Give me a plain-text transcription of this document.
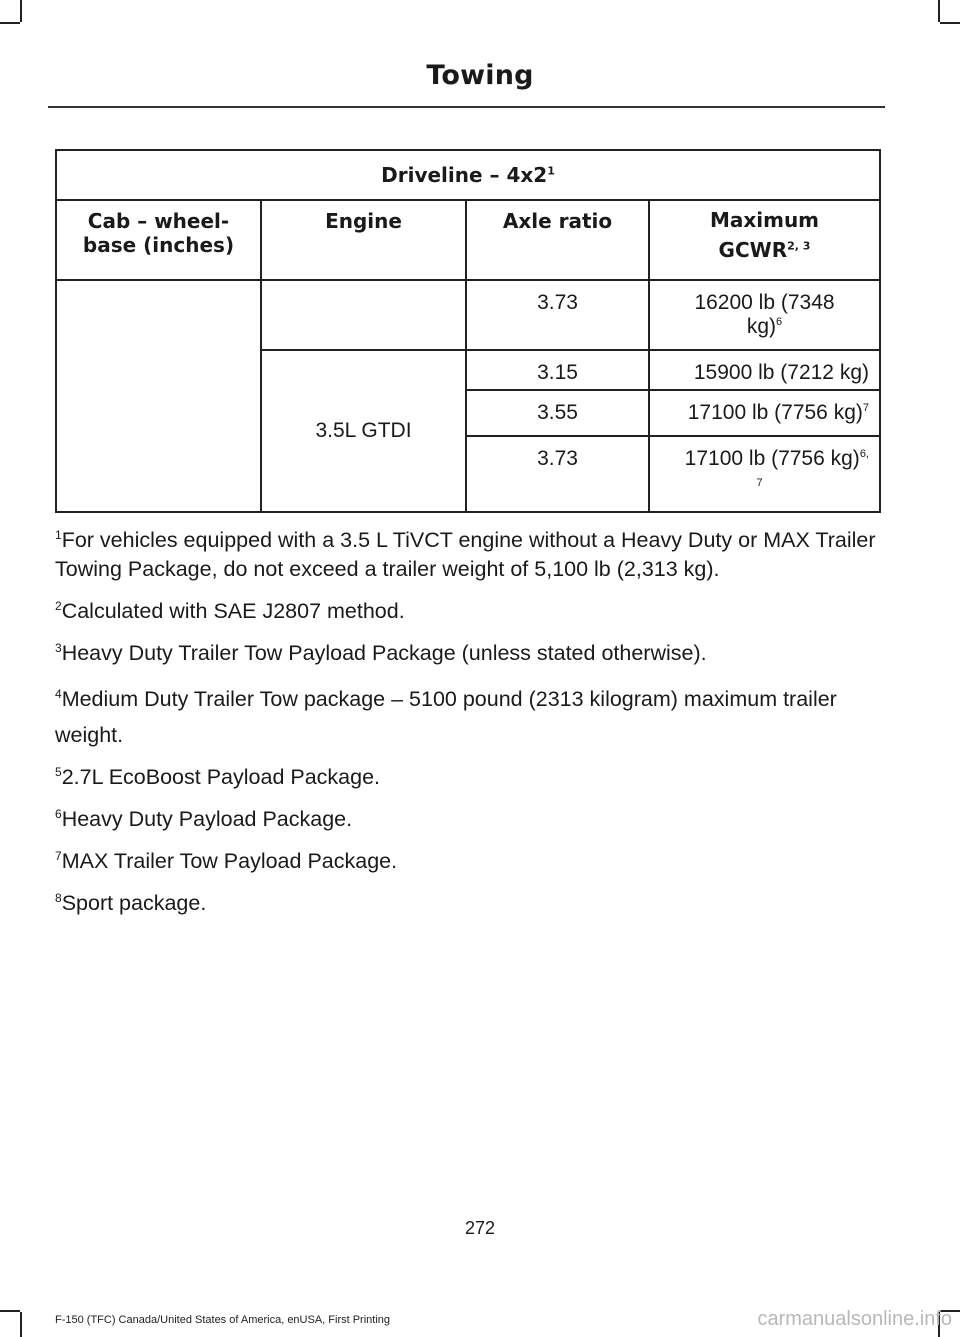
Towing
Driveline – $4x2^1$

Cab – wheel-
base (inches)	Engine	Axle ratio	Maximum
GCWR$^{2, 3}$

		3.73	16200 lb (7348
kg)$^6$

	3.5L GTDI	3.15	15900 lb (7212 kg)
		3.55	17100 lb (7756 kg)$^7$
		3.73	17100 lb (7756 kg)$^{6,}$
7

$^1$For vehicles equipped with a 3.5 L TiVCT engine without a Heavy Duty or MAX Trailer Towing Package, do not exceed a trailer weight of 5,100 lb (2,313 kg).

$^2$Calculated with SAE J2807 method.

$^3$Heavy Duty Trailer Tow Payload Package (unless stated otherwise).

$^4$Medium Duty Trailer Tow package – 5100 pound (2313 kilogram) maximum trailer weight.

$^5$2.7L EcoBoost Payload Package.

$^6$Heavy Duty Payload Package.

$^7$MAX Trailer Tow Payload Package.

$^8$Sport package.

272
F-150 (TFC) Canada/United States of America, enUSA, First Printing	carmanualsonline.info
